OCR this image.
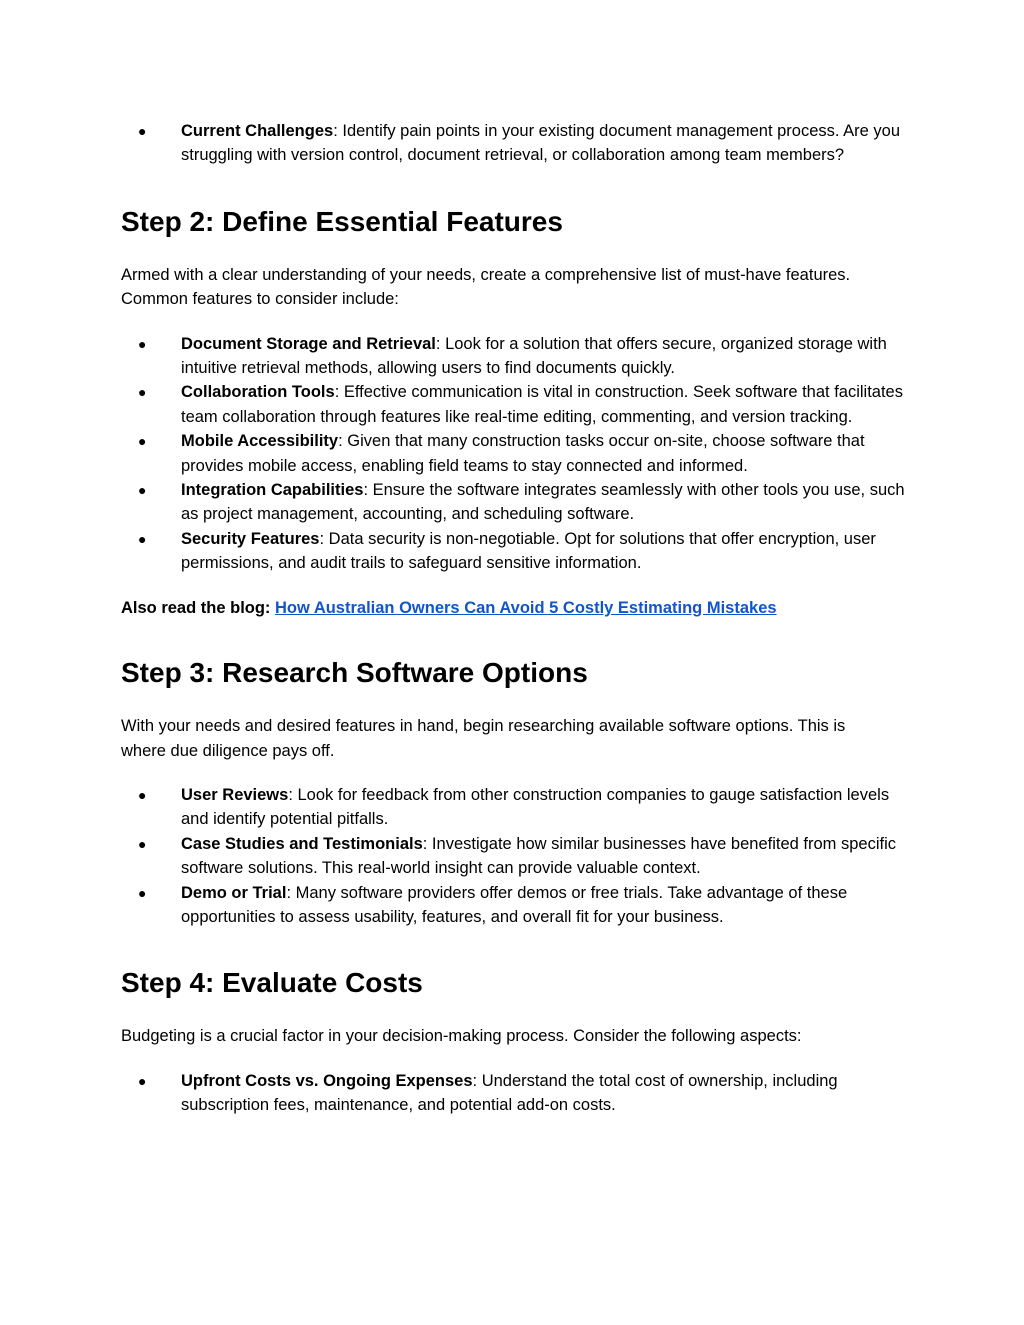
● Current Challenges: Identify pain points in your existing document management process. Are you struggling with version control, document retrieval, or collaboration among team members?
Step 2: Define Essential Features

Armed with a clear understanding of your needs, create a comprehensive list of must-have features. Common features to consider include:

● Document Storage and Retrieval: Look for a solution that offers secure, organized storage with intuitive retrieval methods, allowing users to find documents quickly.
● Collaboration Tools: Effective communication is vital in construction. Seek software that facilitates team collaboration through features like real-time editing, commenting, and version tracking.
● Mobile Accessibility: Given that many construction tasks occur on-site, choose software that provides mobile access, enabling field teams to stay connected and informed.
● Integration Capabilities: Ensure the software integrates seamlessly with other tools you use, such as project management, accounting, and scheduling software.
● Security Features: Data security is non-negotiable. Opt for solutions that offer encryption, user permissions, and audit trails to safeguard sensitive information.

Also read the blog: How Australian Owners Can Avoid 5 Costly Estimating Mistakes

Step 3: Research Software Options

With your needs and desired features in hand, begin researching available software options. This is where due diligence pays off.

● User Reviews: Look for feedback from other construction companies to gauge satisfaction levels and identify potential pitfalls.
● Case Studies and Testimonials: Investigate how similar businesses have benefited from specific software solutions. This real-world insight can provide valuable context.
● Demo or Trial: Many software providers offer demos or free trials. Take advantage of these opportunities to assess usability, features, and overall fit for your business.
Step 4: Evaluate Costs

Budgeting is a crucial factor in your decision-making process. Consider the following aspects:

● Upfront Costs vs. Ongoing Expenses: Understand the total cost of ownership, including subscription fees, maintenance, and potential add-on costs.
